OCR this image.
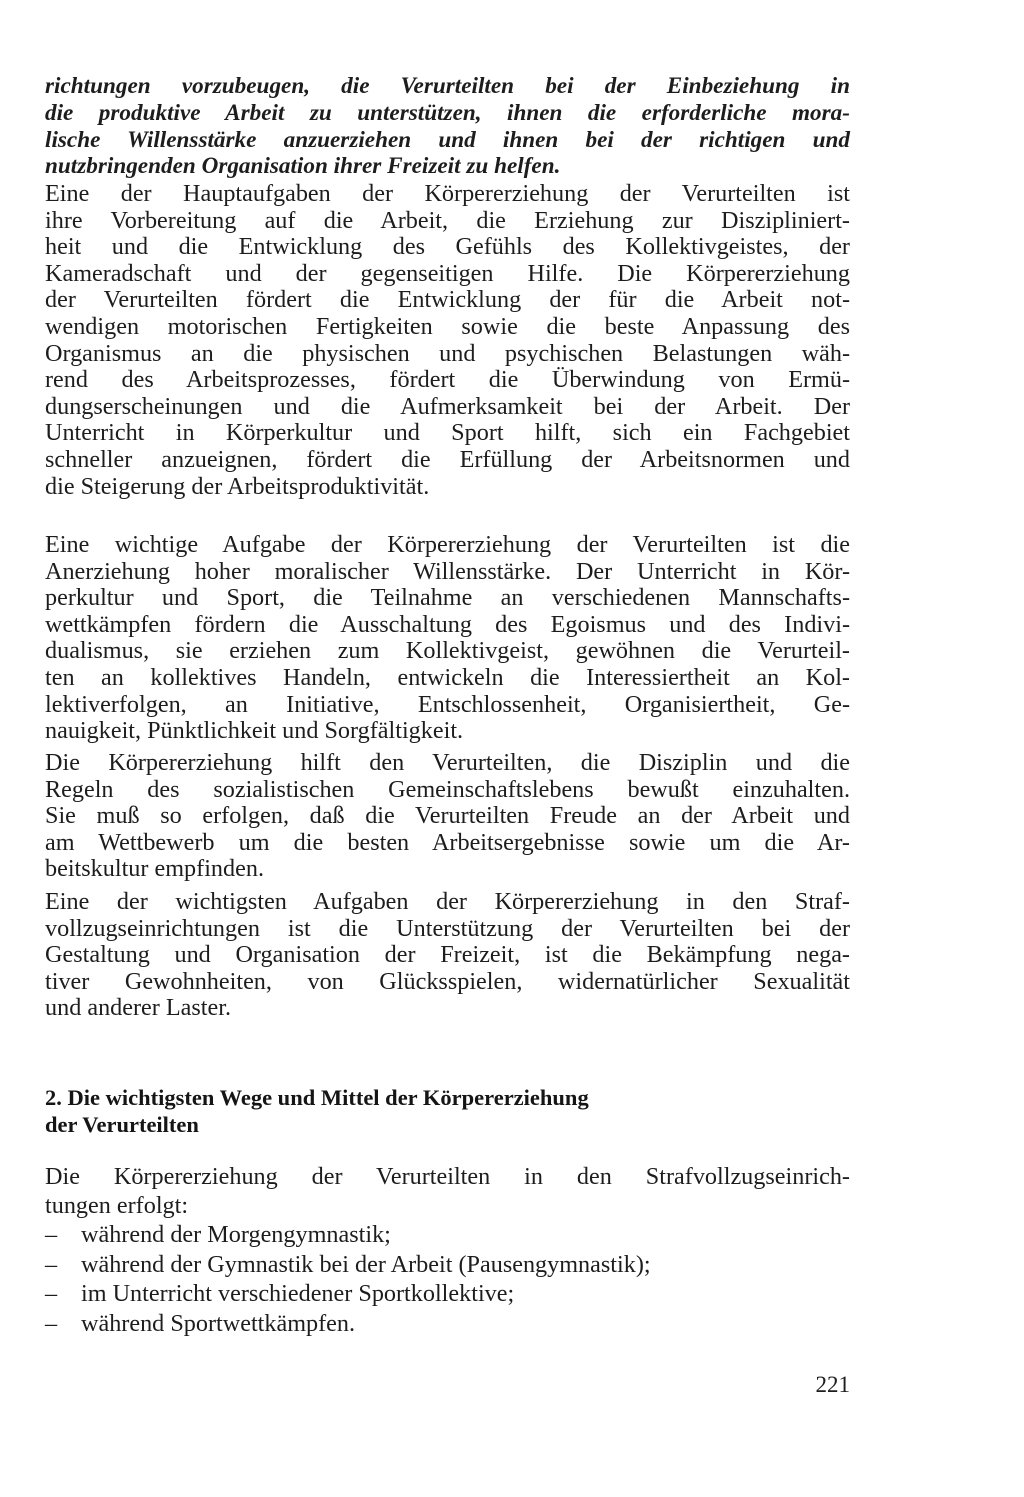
richtungen vorzubeugen, die Verurteilten bei der Einbeziehung in
die produktive Arbeit zu unterstützen, ihnen die erforderliche mora-
lische Willensstärke anzuerziehen und ihnen bei der richtigen und
nutzbringenden Organisation ihrer Freizeit zu helfen.
Eine der Hauptaufgaben der Körpererziehung der Verurteilten ist
ihre Vorbereitung auf die Arbeit, die Erziehung zur Diszipliniert-
heit und die Entwicklung des Gefühls des Kollektivgeistes, der
Kameradschaft und der gegenseitigen Hilfe. Die Körpererziehung
der Verurteilten fördert die Entwicklung der für die Arbeit not-
wendigen motorischen Fertigkeiten sowie die beste Anpassung des
Organismus an die physischen und psychischen Belastungen wäh-
rend des Arbeitsprozesses, fördert die Überwindung von Ermü-
dungserscheinungen und die Aufmerksamkeit bei der Arbeit. Der
Unterricht in Körperkultur und Sport hilft, sich ein Fachgebiet
schneller anzueignen, fördert die Erfüllung der Arbeitsnormen und
die Steigerung der Arbeitsproduktivität.
Eine wichtige Aufgabe der Körpererziehung der Verurteilten ist die
Anerziehung hoher moralischer Willensstärke. Der Unterricht in Kör-
perkultur und Sport, die Teilnahme an verschiedenen Mannschafts-
wettkämpfen fördern die Ausschaltung des Egoismus und des Indivi-
dualismus, sie erziehen zum Kollektivgeist, gewöhnen die Verurteil-
ten an kollektives Handeln, entwickeln die Interessiertheit an Kol-
lektiverfolgen, an Initiative, Entschlossenheit, Organisiertheit, Ge-
nauigkeit, Pünktlichkeit und Sorgfältigkeit.
Die Körpererziehung hilft den Verurteilten, die Disziplin und die
Regeln des sozialistischen Gemeinschaftslebens bewußt einzuhalten.
Sie muß so erfolgen, daß die Verurteilten Freude an der Arbeit und
am Wettbewerb um die besten Arbeitsergebnisse sowie um die Ar-
beitskultur empfinden.
Eine der wichtigsten Aufgaben der Körpererziehung in den Straf-
vollzugseinrichtungen ist die Unterstützung der Verurteilten bei der
Gestaltung und Organisation der Freizeit, ist die Bekämpfung nega-
tiver Gewohnheiten, von Glücksspielen, widernatürlicher Sexualität
und anderer Laster.
2. Die wichtigsten Wege und Mittel der Körpererziehung
der Verurteilten
Die Körpererziehung der Verurteilten in den Strafvollzugseinrich-
tungen erfolgt:
– während der Morgengymnastik;
– während der Gymnastik bei der Arbeit (Pausengymnastik);
– im Unterricht verschiedener Sportkollektive;
– während Sportwettkämpfen.
221
